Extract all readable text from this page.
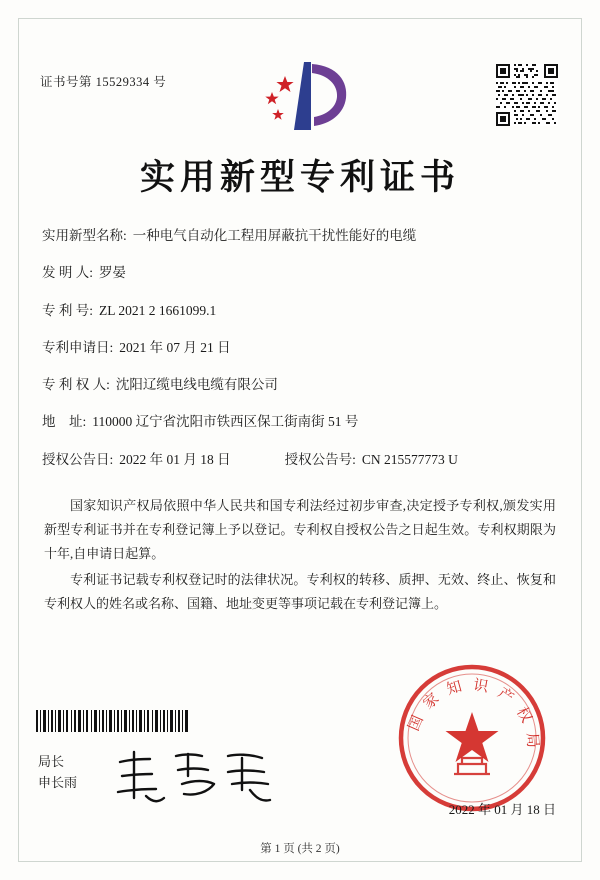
证书号第 15529334 号
实用新型专利证书
实用新型名称: 一种电气自动化工程用屏蔽抗干扰性能好的电缆
发 明 人: 罗晏
专 利 号: ZL 2021 2 1661099.1
专利申请日: 2021 年 07 月 21 日
专 利 权 人: 沈阳辽缆电线电缆有限公司
地    址: 110000 辽宁省沈阳市铁西区保工街南街 51 号
授权公告日: 2022 年 01 月 18 日	授权公告号: CN 215577773 U

国家知识产权局依照中华人民共和国专利法经过初步审查,决定授予专利权,颁发实用新型专利证书并在专利登记簿上予以登记。专利权自授权公告之日起生效。专利权期限为十年,自申请日起算。

专利证书记载专利权登记时的法律状况。专利权的转移、质押、无效、终止、恢复和专利权人的姓名或名称、国籍、地址变更等事项记载在专利登记簿上。

局长
申长雨
国 家 知 识 产 权 局
2022 年 01 月 18 日
第 1 页 (共 2 页)
